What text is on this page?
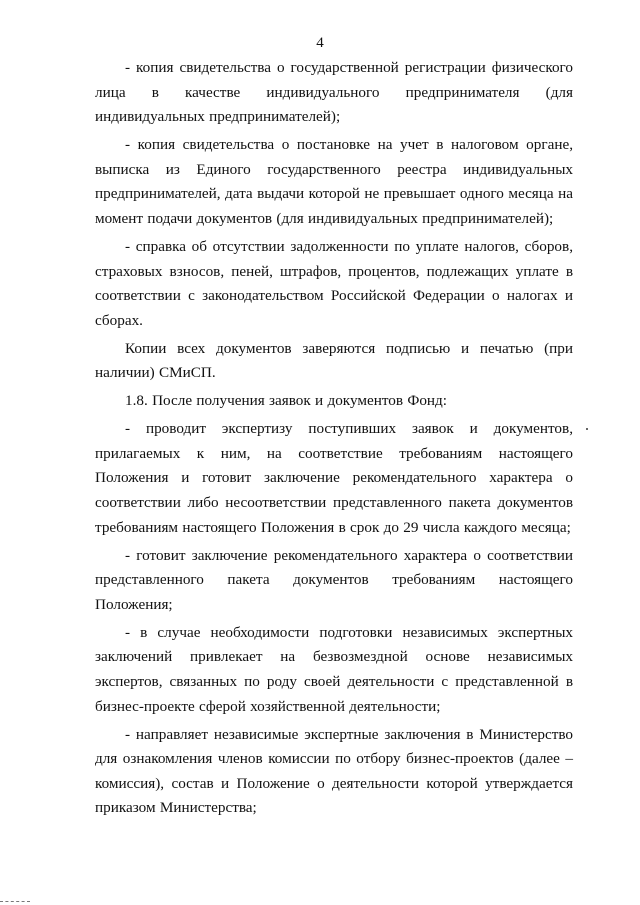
4

- копия свидетельства о государственной регистрации физического лица в качестве индивидуального предпринимателя (для индивидуальных предпринимателей);

- копия свидетельства о постановке на учет в налоговом органе, выписка из Единого государственного реестра индивидуальных предпринимателей, дата выдачи которой не превышает одного месяца на момент подачи документов (для индивидуальных предпринимателей);

- справка об отсутствии задолженности по уплате налогов, сборов, страховых взносов, пеней, штрафов, процентов, подлежащих уплате в соответствии с законодательством Российской Федерации о налогах и сборах.

Копии всех документов заверяются подписью и печатью (при наличии) СМиСП.

1.8. После получения заявок и документов Фонд:

- проводит экспертизу поступивших заявок и документов, прилагаемых к ним, на соответствие требованиям настоящего Положения и готовит заключение рекомендательного характера о соответствии либо несоответствии представленного пакета документов требованиям настоящего Положения в срок до 29 числа каждого месяца;

- готовит заключение рекомендательного характера о соответствии представленного пакета документов требованиям настоящего Положения;

- в случае необходимости подготовки независимых экспертных заключений привлекает на безвозмездной основе независимых экспертов, связанных по роду своей деятельности с представленной в бизнес-проекте сферой хозяйственной деятельности;

- направляет независимые экспертные заключения в Министерство для ознакомления членов комиссии по отбору бизнес-проектов (далее – комиссия), состав и Положение о деятельности которой утверждается приказом Министерства;
